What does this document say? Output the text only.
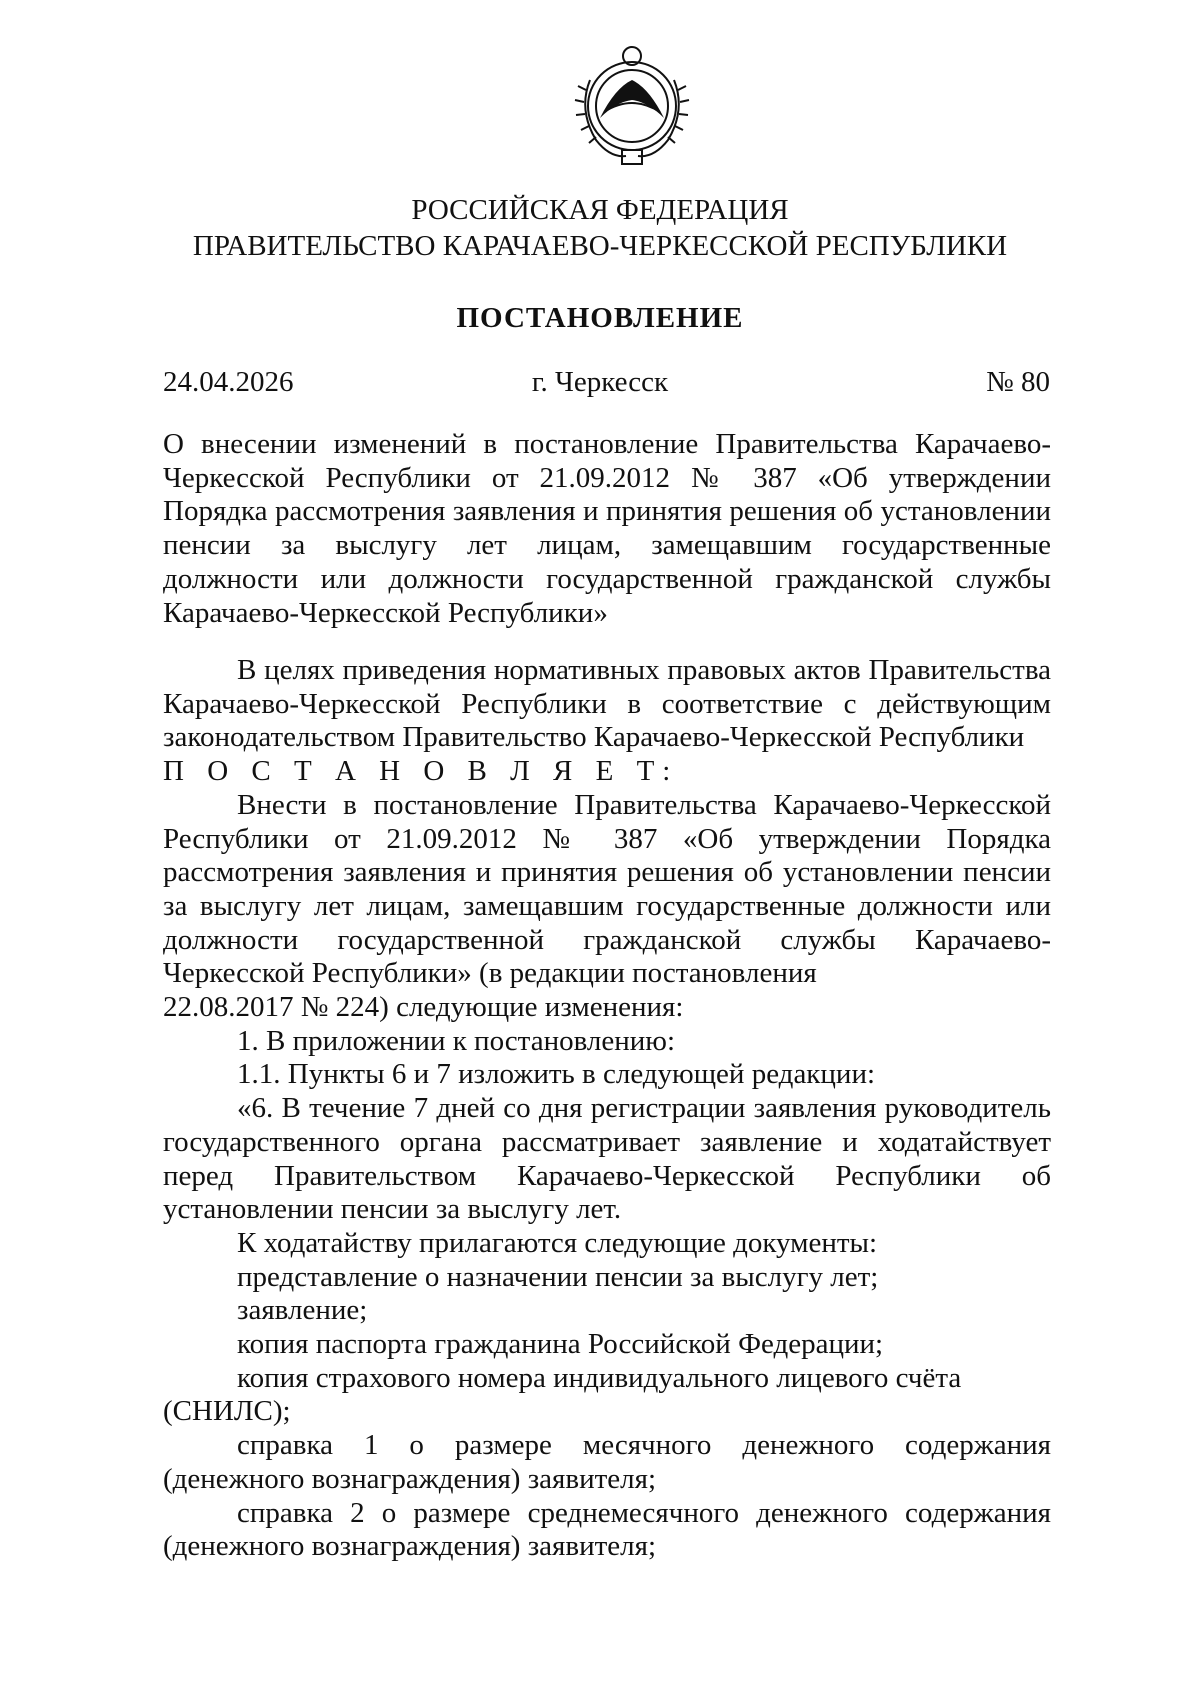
РОССИЙСКАЯ ФЕДЕРАЦИЯ
ПРАВИТЕЛЬСТВО КАРАЧАЕВО-ЧЕРКЕССКОЙ РЕСПУБЛИКИ
ПОСТАНОВЛЕНИЕ
24.04.2026	г. Черкесск	№ 80
О внесении изменений в постановление Правительства Карачаево- Черкесской Республики от 21.09.2012 № 387 «Об утверждении Порядка рассмотрения заявления и принятия решения об установлении пенсии за выслугу лет лицам, замещавшим государственные должности или должности государственной гражданской службы Карачаево-Черкесской Республики»

В целях приведения нормативных правовых актов Правительства Карачаево-Черкесской Республики в соответствие с действующим законодательством Правительство Карачаево-Черкесской Республики

П О С Т А Н О В Л Я Е Т:

Внести в постановление Правительства Карачаево-Черкесской Республики от 21.09.2012 № 387 «Об утверждении Порядка рассмотрения заявления и принятия решения об установлении пенсии за выслугу лет лицам, замещавшим государственные должности или должности государственной гражданской службы Карачаево-Черкесской Республики» (в редакции постановления

22.08.2017 № 224) следующие изменения:

1. В приложении к постановлению:

1.1. Пункты 6 и 7 изложить в следующей редакции:

«6. В течение 7 дней со дня регистрации заявления руководитель государственного органа рассматривает заявление и ходатайствует перед Правительством Карачаево-Черкесской Республики об установлении пенсии за выслугу лет.

К ходатайству прилагаются следующие документы:

представление о назначении пенсии за выслугу лет;

заявление;

копия паспорта гражданина Российской Федерации;

копия страхового номера индивидуального лицевого счёта (СНИЛС);

справка 1 о размере месячного денежного содержания (денежного вознаграждения) заявителя;

справка 2 о размере среднемесячного денежного содержания (денежного вознаграждения) заявителя;
